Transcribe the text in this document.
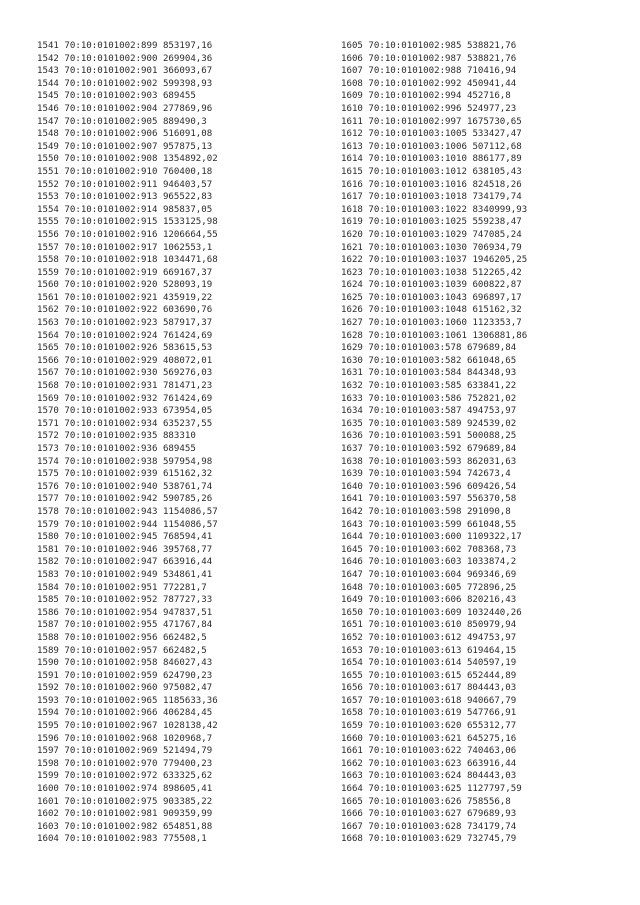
1541 70:10:0101002:899 853197,16
1542 70:10:0101002:900 269904,36
1543 70:10:0101002:901 366093,67
1544 70:10:0101002:902 599398,93
1545 70:10:0101002:903 689455
1546 70:10:0101002:904 277869,96
1547 70:10:0101002:905 889490,3
1548 70:10:0101002:906 516091,08
1549 70:10:0101002:907 957875,13
1550 70:10:0101002:908 1354892,02
1551 70:10:0101002:910 760400,18
1552 70:10:0101002:911 946403,57
1553 70:10:0101002:913 965522,83
1554 70:10:0101002:914 985837,05
1555 70:10:0101002:915 1533125,98
1556 70:10:0101002:916 1206664,55
1557 70:10:0101002:917 1062553,1
1558 70:10:0101002:918 1034471,68
1559 70:10:0101002:919 669167,37
1560 70:10:0101002:920 528093,19
1561 70:10:0101002:921 435919,22
1562 70:10:0101002:922 603690,76
1563 70:10:0101002:923 587917,37
1564 70:10:0101002:924 761424,69
1565 70:10:0101002:926 583615,53
1566 70:10:0101002:929 408072,01
1567 70:10:0101002:930 569276,03
1568 70:10:0101002:931 781471,23
1569 70:10:0101002:932 761424,69
1570 70:10:0101002:933 673954,05
1571 70:10:0101002:934 635237,55
1572 70:10:0101002:935 883310
1573 70:10:0101002:936 689455
1574 70:10:0101002:938 597954,98
1575 70:10:0101002:939 615162,32
1576 70:10:0101002:940 538761,74
1577 70:10:0101002:942 590785,26
1578 70:10:0101002:943 1154086,57
1579 70:10:0101002:944 1154086,57
1580 70:10:0101002:945 768594,41
1581 70:10:0101002:946 395768,77
1582 70:10:0101002:947 663916,44
1583 70:10:0101002:949 534861,41
1584 70:10:0101002:951 772281,7
1585 70:10:0101002:952 787727,33
1586 70:10:0101002:954 947837,51
1587 70:10:0101002:955 471767,84
1588 70:10:0101002:956 662482,5
1589 70:10:0101002:957 662482,5
1590 70:10:0101002:958 846027,43
1591 70:10:0101002:959 624790,23
1592 70:10:0101002:960 975082,47
1593 70:10:0101002:965 1185633,36
1594 70:10:0101002:966 406284,45
1595 70:10:0101002:967 1028138,42
1596 70:10:0101002:968 1020968,7
1597 70:10:0101002:969 521494,79
1598 70:10:0101002:970 779400,23
1599 70:10:0101002:972 633325,62
1600 70:10:0101002:974 898605,41
1601 70:10:0101002:975 903385,22
1602 70:10:0101002:981 909359,99
1603 70:10:0101002:982 654851,88
1604 70:10:0101002:983 775508,1
1605 70:10:0101002:985 538821,76
1606 70:10:0101002:987 538821,76
1607 70:10:0101002:988 710416,94
1608 70:10:0101002:992 450941,44
1609 70:10:0101002:994 452716,8
1610 70:10:0101002:996 524977,23
1611 70:10:0101002:997 1675730,65
1612 70:10:0101003:1005 533427,47
1613 70:10:0101003:1006 507112,68
1614 70:10:0101003:1010 886177,89
1615 70:10:0101003:1012 638105,43
1616 70:10:0101003:1016 824518,26
1617 70:10:0101003:1018 734179,74
1618 70:10:0101003:1022 8340999,93
1619 70:10:0101003:1025 559238,47
1620 70:10:0101003:1029 747085,24
1621 70:10:0101003:1030 706934,79
1622 70:10:0101003:1037 1946205,25
1623 70:10:0101003:1038 512265,42
1624 70:10:0101003:1039 600822,87
1625 70:10:0101003:1043 696897,17
1626 70:10:0101003:1048 615162,32
1627 70:10:0101003:1060 1123353,7
1628 70:10:0101003:1061 1306881,86
1629 70:10:0101003:578 679689,84
1630 70:10:0101003:582 661048,65
1631 70:10:0101003:584 844348,93
1632 70:10:0101003:585 633841,22
1633 70:10:0101003:586 752821,02
1634 70:10:0101003:587 494753,97
1635 70:10:0101003:589 924539,02
1636 70:10:0101003:591 500088,25
1637 70:10:0101003:592 679689,84
1638 70:10:0101003:593 862031,63
1639 70:10:0101003:594 742673,4
1640 70:10:0101003:596 609426,54
1641 70:10:0101003:597 556370,58
1642 70:10:0101003:598 291090,8
1643 70:10:0101003:599 661048,55
1644 70:10:0101003:600 1109322,17
1645 70:10:0101003:602 708368,73
1646 70:10:0101003:603 1033874,2
1647 70:10:0101003:604 969346,69
1648 70:10:0101003:605 772896,25
1649 70:10:0101003:606 820216,43
1650 70:10:0101003:609 1032440,26
1651 70:10:0101003:610 850979,94
1652 70:10:0101003:612 494753,97
1653 70:10:0101003:613 619464,15
1654 70:10:0101003:614 540597,19
1655 70:10:0101003:615 652444,89
1656 70:10:0101003:617 804443,03
1657 70:10:0101003:618 940667,79
1658 70:10:0101003:619 547766,91
1659 70:10:0101003:620 655312,77
1660 70:10:0101003:621 645275,16
1661 70:10:0101003:622 740463,06
1662 70:10:0101003:623 663916,44
1663 70:10:0101003:624 804443,03
1664 70:10:0101003:625 1127797,59
1665 70:10:0101003:626 758556,8
1666 70:10:0101003:627 679689,93
1667 70:10:0101003:628 734179,74
1668 70:10:0101003:629 732745,79
